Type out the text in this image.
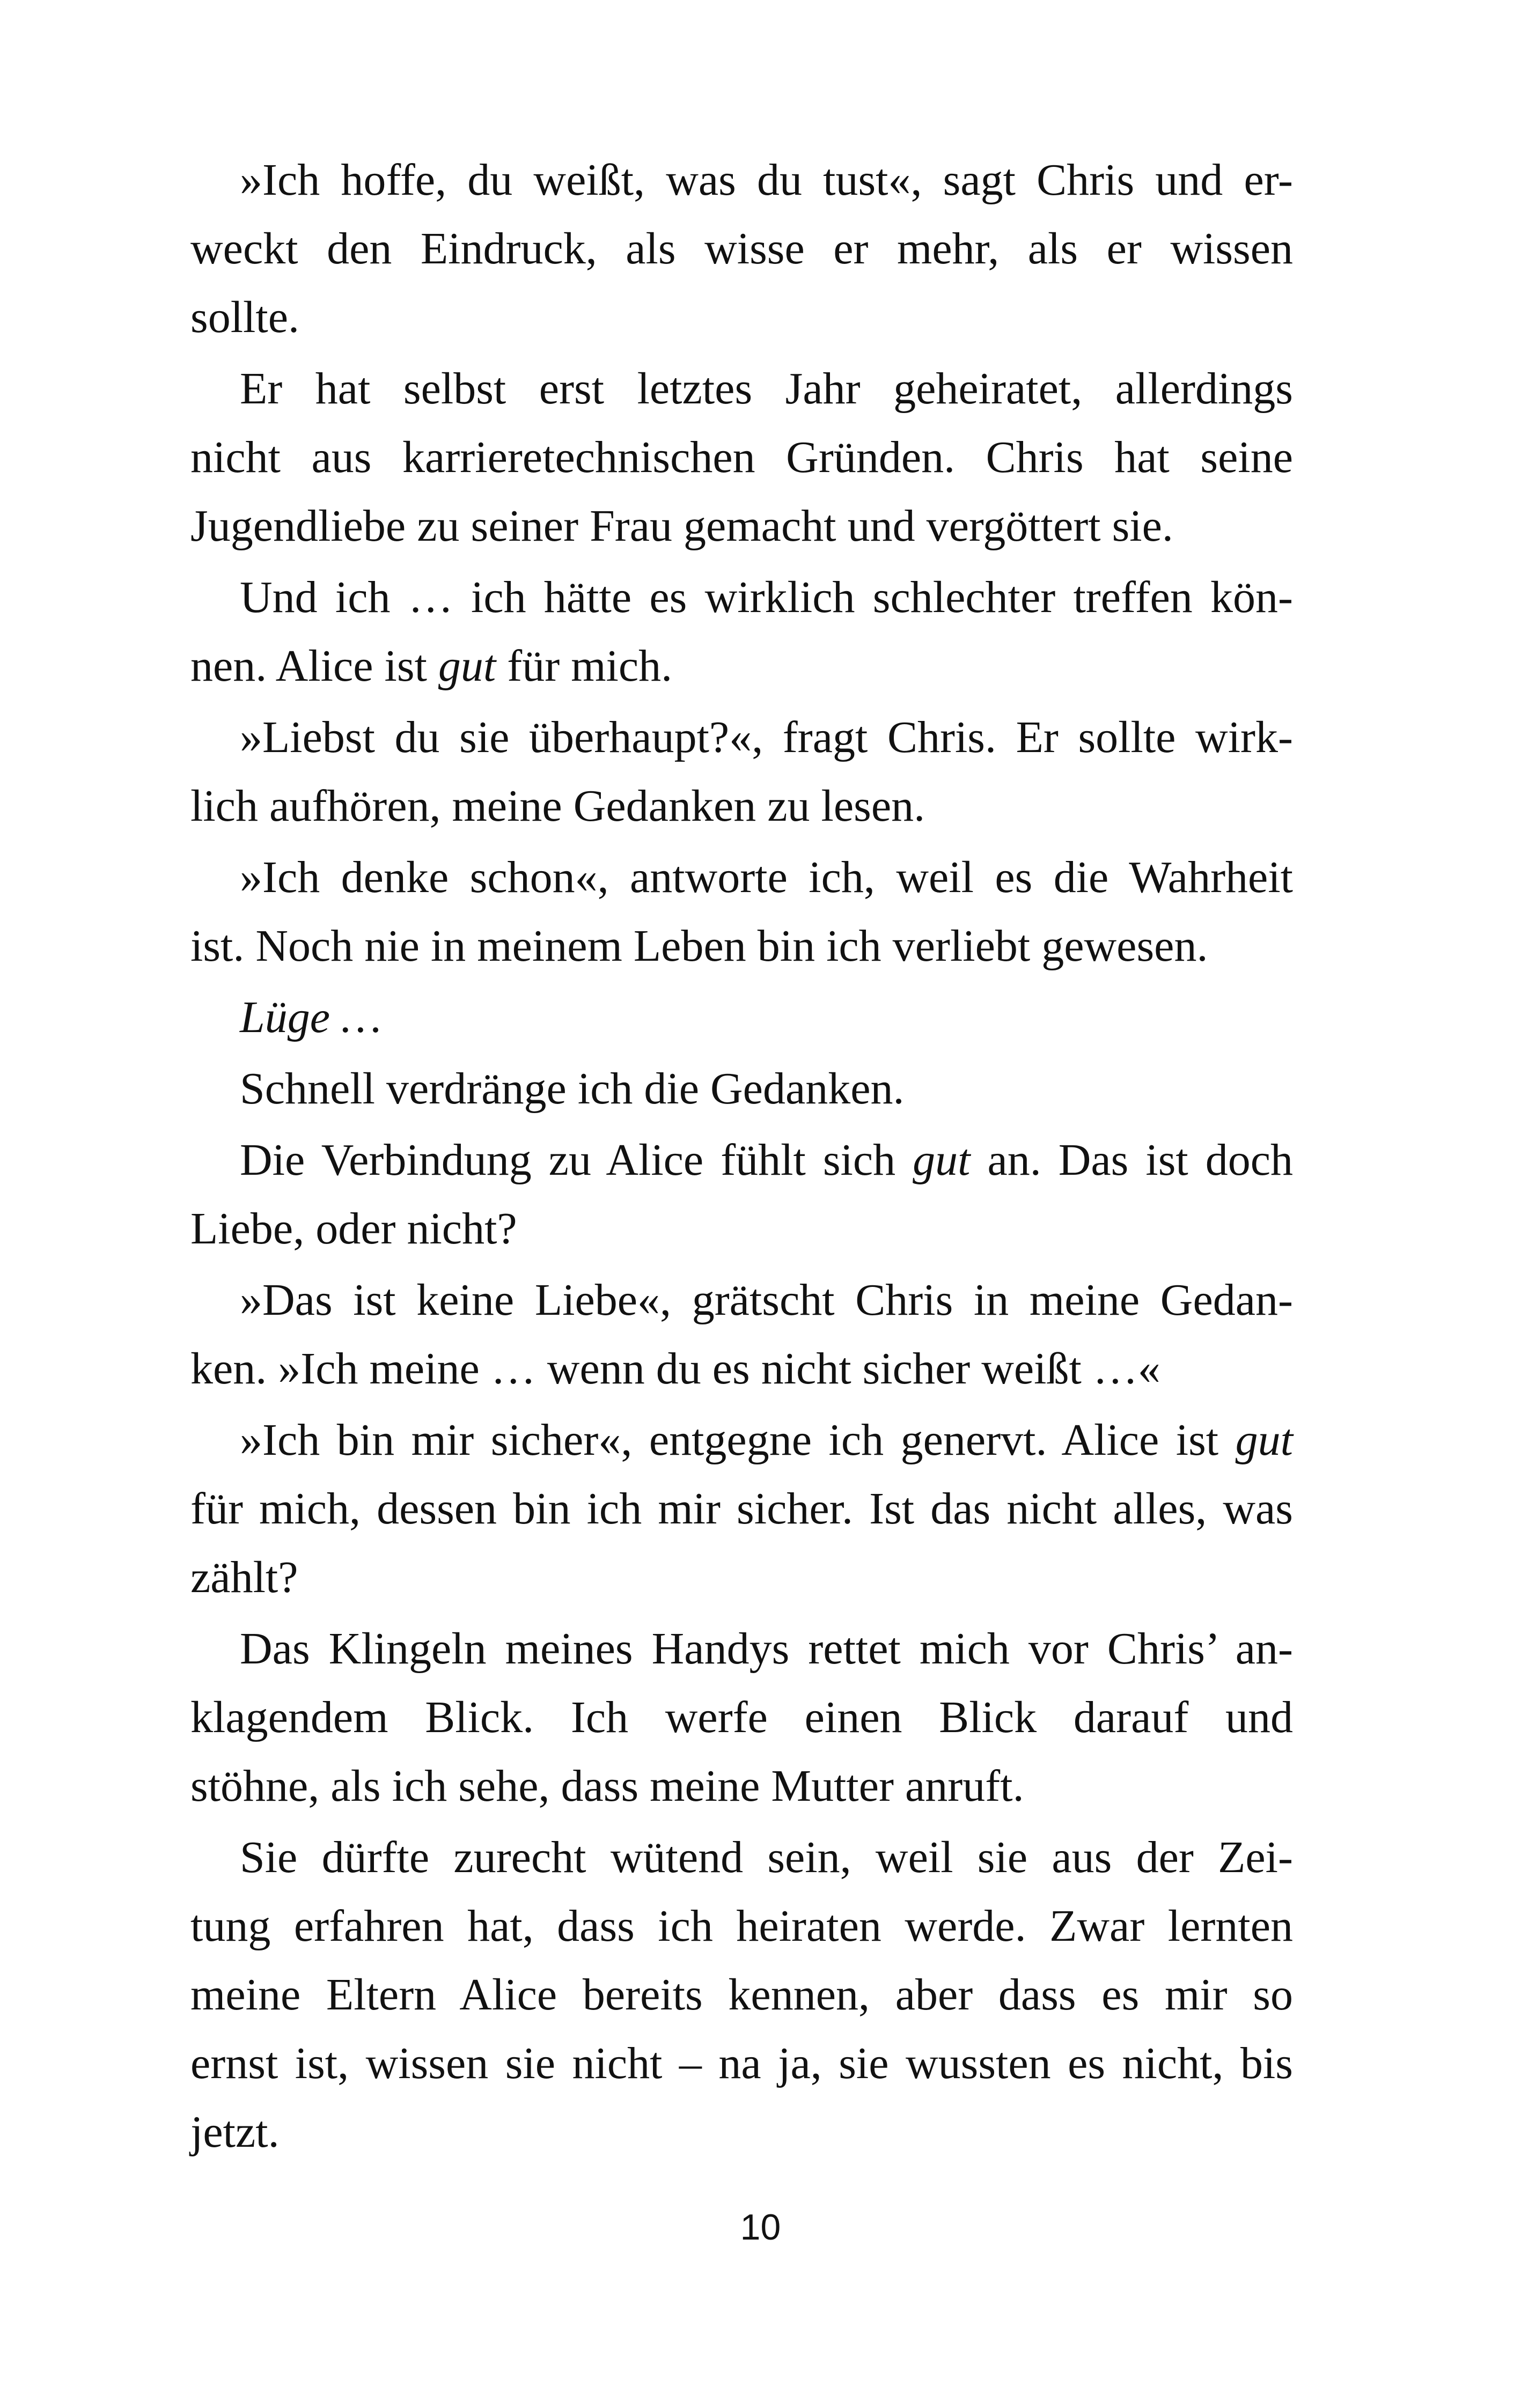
»Ich hoffe, du weißt, was du tust«, sagt Chris und er-
weckt den Eindruck, als wisse er mehr, als er wissen
sollte.
Er hat selbst erst letztes Jahr geheiratet, allerdings
nicht aus karrieretechnischen Gründen. Chris hat seine
Jugendliebe zu seiner Frau gemacht und vergöttert sie.
Und ich … ich hätte es wirklich schlechter treffen kön-
nen. Alice ist gut für mich.
»Liebst du sie überhaupt?«, fragt Chris. Er sollte wirk-
lich aufhören, meine Gedanken zu lesen.
»Ich denke schon«, antworte ich, weil es die Wahrheit
ist. Noch nie in meinem Leben bin ich verliebt gewesen.
Lüge …
Schnell verdränge ich die Gedanken.
Die Verbindung zu Alice fühlt sich gut an. Das ist doch
Liebe, oder nicht?
»Das ist keine Liebe«, grätscht Chris in meine Gedan-
ken. »Ich meine … wenn du es nicht sicher weißt …«
»Ich bin mir sicher«, entgegne ich genervt. Alice ist gut
für mich, dessen bin ich mir sicher. Ist das nicht alles, was
zählt?
Das Klingeln meines Handys rettet mich vor Chris’ an-
klagendem Blick. Ich werfe einen Blick darauf und
stöhne, als ich sehe, dass meine Mutter anruft.
Sie dürfte zurecht wütend sein, weil sie aus der Zei-
tung erfahren hat, dass ich heiraten werde. Zwar lernten
meine Eltern Alice bereits kennen, aber dass es mir so
ernst ist, wissen sie nicht – na ja, sie wussten es nicht, bis
jetzt.
10
